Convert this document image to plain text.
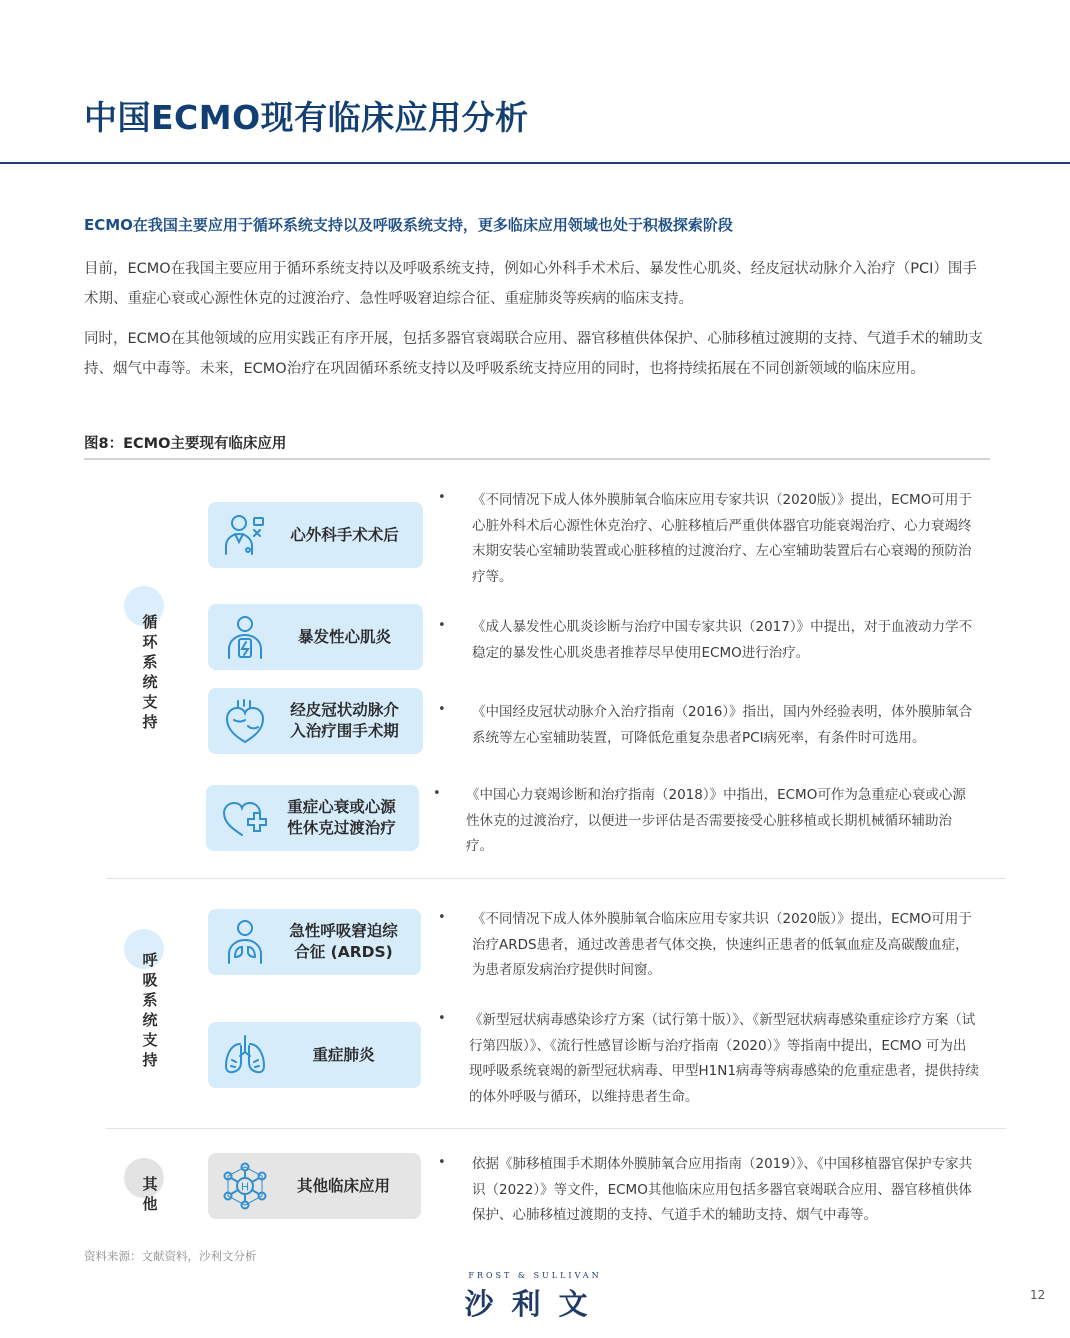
中国ECMO现有临床应用分析

ECMO在我国主要应用于循环系统支持以及呼吸系统支持，更多临床应用领域也处于积极探索阶段

目前，ECMO在我国主要应用于循环系统支持以及呼吸系统支持，例如心外科手术术后、暴发性心肌炎、经皮冠状动脉介入治疗（PCI）围手术期、重症心衰或心源性休克的过渡治疗、急性呼吸窘迫综合征、重症肺炎等疾病的临床支持。

同时，ECMO在其他领域的应用实践正有序开展，包括多器官衰竭联合应用、器官移植供体保护、心肺移植过渡期的支持、气道手术的辅助支持、烟气中毒等。未来，ECMO治疗在巩固循环系统支持以及呼吸系统支持应用的同时，也将持续拓展在不同创新领域的临床应用。

图8：ECMO主要现有临床应用

循环系统支持
呼吸系统支持
其他
心外科手术术后
• 《不同情况下成人体外膜肺氧合临床应用专家共识（2020版）》提出，ECMO可用于心脏外科术后心源性休克治疗、心脏移植后严重供体器官功能衰竭治疗、心力衰竭终末期安装心室辅助装置或心脏移植的过渡治疗、左心室辅助装置后右心衰竭的预防治疗等。

暴发性心肌炎
• 《成人暴发性心肌炎诊断与治疗中国专家共识（2017）》中提出，对于血液动力学不稳定的暴发性心肌炎患者推荐尽早使用ECMO进行治疗。

经皮冠状动脉介
入治疗围手术期
• 《中国经皮冠状动脉介入治疗指南（2016）》指出，国内外经验表明，体外膜肺氧合系统等左心室辅助装置，可降低危重复杂患者PCI病死率，有条件时可选用。

重症心衰或心源
性休克过渡治疗
• 《中国心力衰竭诊断和治疗指南（2018）》中指出，ECMO可作为急重症心衰或心源性休克的过渡治疗，以便进一步评估是否需要接受心脏移植或长期机械循环辅助治疗。

急性呼吸窘迫综
合征 (ARDS)
• 《不同情况下成人体外膜肺氧合临床应用专家共识（2020版）》提出，ECMO可用于治疗ARDS患者，通过改善患者气体交换，快速纠正患者的低氧血症及高碳酸血症，为患者原发病治疗提供时间窗。

重症肺炎
• 《新型冠状病毒感染诊疗方案（试行第十版）》、《新型冠状病毒感染重症诊疗方案（试行第四版）》、《流行性感冒诊断与治疗指南（2020）》等指南中提出，ECMO 可为出现呼吸系统衰竭的新型冠状病毒、甲型H1N1病毒等病毒感染的危重症患者，提供持续的体外呼吸与循环，以维持患者生命。

H	其他临床应用
• 依据《肺移植围手术期体外膜肺氧合应用指南（2019）》、《中国移植器官保护专家共识（2022）》等文件，ECMO其他临床应用包括多器官衰竭联合应用、器官移植供体保护、心肺移植过渡期的支持、气道手术的辅助支持、烟气中毒等。

资料来源：文献资料，沙利文分析

FROST & SULLIVAN
沙利文	12
